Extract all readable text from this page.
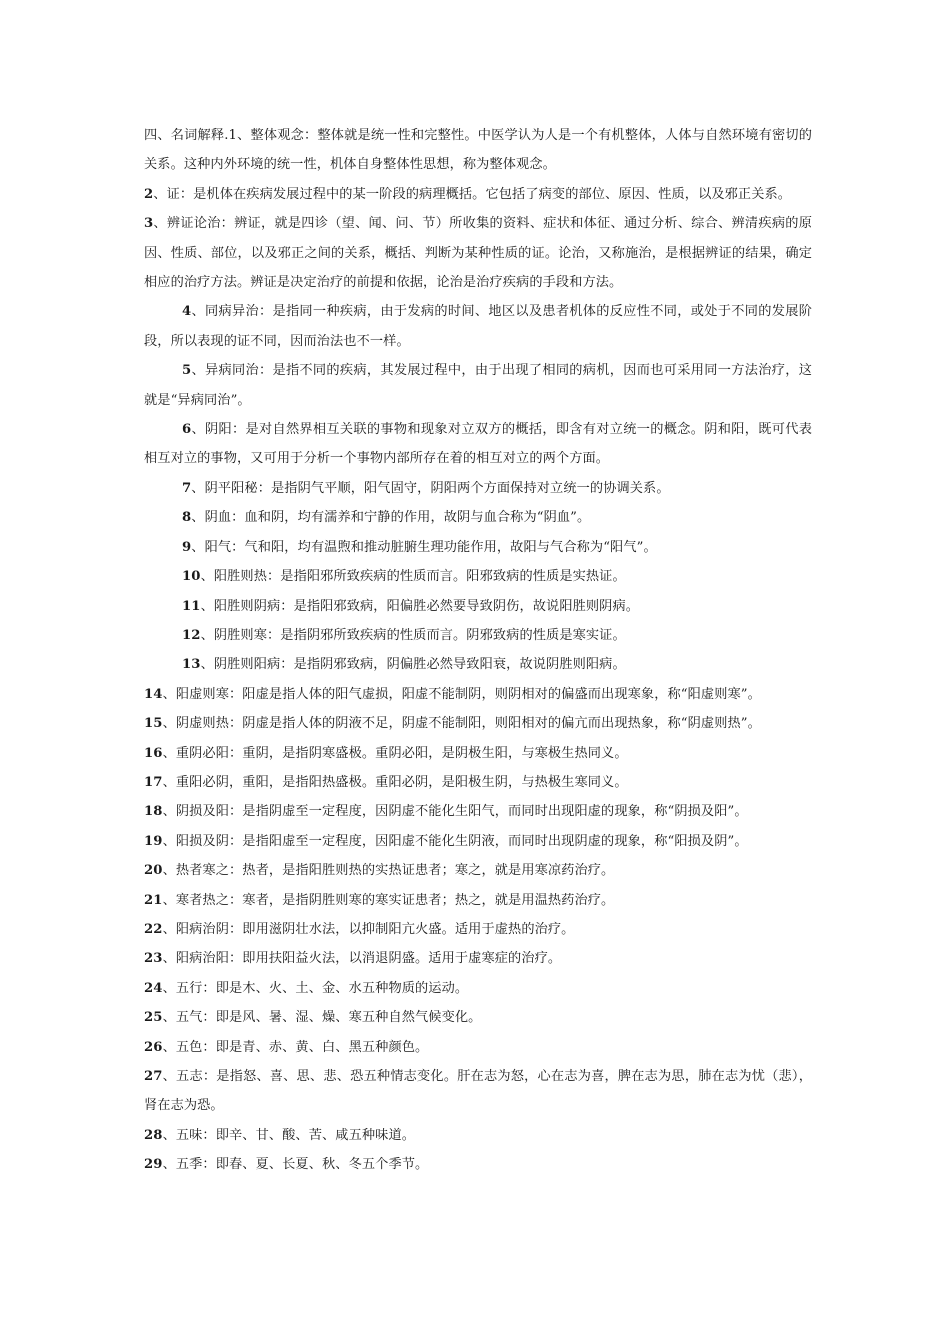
四、名词解释.1、整体观念：整体就是统一性和完整性。中医学认为人是一个有机整体，人体与自然环境有密切的关系。这种内外环境的统一性，机体自身整体性思想，称为整体观念。

2、证：是机体在疾病发展过程中的某一阶段的病理概括。它包括了病变的部位、原因、性质，以及邪正关系。

3、辨证论治：辨证，就是四诊（望、闻、问、节）所收集的资料、症状和体征、通过分析、综合、辨清疾病的原因、性质、部位，以及邪正之间的关系，概括、判断为某种性质的证。论治，又称施治，是根据辨证的结果，确定相应的治疗方法。辨证是决定治疗的前提和依据，论治是治疗疾病的手段和方法。

4、同病异治：是指同一种疾病，由于发病的时间、地区以及患者机体的反应性不同，或处于不同的发展阶段，所以表现的证不同，因而治法也不一样。

5、异病同治：是指不同的疾病，其发展过程中，由于出现了相同的病机，因而也可采用同一方法治疗，这就是“异病同治”。

6、阴阳：是对自然界相互关联的事物和现象对立双方的概括，即含有对立统一的概念。阴和阳，既可代表相互对立的事物，又可用于分析一个事物内部所存在着的相互对立的两个方面。

7、阴平阳秘：是指阴气平顺，阳气固守，阴阳两个方面保持对立统一的协调关系。

8、阴血：血和阴，均有濡养和宁静的作用，故阴与血合称为“阴血”。

9、阳气：气和阳，均有温煦和推动脏腑生理功能作用，故阳与气合称为“阳气”。

10、阳胜则热：是指阳邪所致疾病的性质而言。阳邪致病的性质是实热证。

11、阳胜则阴病：是指阳邪致病，阳偏胜必然要导致阴伤，故说阳胜则阴病。

12、阴胜则寒：是指阴邪所致疾病的性质而言。阴邪致病的性质是寒实证。

13、阴胜则阳病：是指阴邪致病，阴偏胜必然导致阳衰，故说阴胜则阳病。

14、阳虚则寒：阳虚是指人体的阳气虚损，阳虚不能制阴，则阴相对的偏盛而出现寒象，称“阳虚则寒”。

15、阴虚则热：阴虚是指人体的阴液不足，阴虚不能制阳，则阳相对的偏亢而出现热象，称“阴虚则热”。

16、重阴必阳：重阴，是指阴寒盛极。重阴必阳，是阴极生阳，与寒极生热同义。

17、重阳必阴，重阳，是指阳热盛极。重阳必阴，是阳极生阴，与热极生寒同义。

18、阴损及阳：是指阴虚至一定程度，因阴虚不能化生阳气，而同时出现阳虚的现象，称“阴损及阳”。

19、阳损及阴：是指阳虚至一定程度，因阳虚不能化生阴液，而同时出现阴虚的现象，称“阳损及阴”。

20、热者寒之：热者，是指阳胜则热的实热证患者；寒之，就是用寒凉药治疗。

21、寒者热之：寒者，是指阴胜则寒的寒实证患者；热之，就是用温热药治疗。

22、阳病治阴：即用滋阴壮水法，以抑制阳亢火盛。适用于虚热的治疗。

23、阳病治阳：即用扶阳益火法，以消退阴盛。适用于虚寒症的治疗。

24、五行：即是木、火、土、金、水五种物质的运动。

25、五气：即是风、暑、湿、燥、寒五种自然气候变化。

26、五色：即是青、赤、黄、白、黑五种颜色。

27、五志：是指怒、喜、思、悲、恐五种情志变化。肝在志为怒，心在志为喜，脾在志为思，肺在志为忧（悲），肾在志为恐。

28、五味：即辛、甘、酸、苦、咸五种味道。

29、五季：即春、夏、长夏、秋、冬五个季节。
